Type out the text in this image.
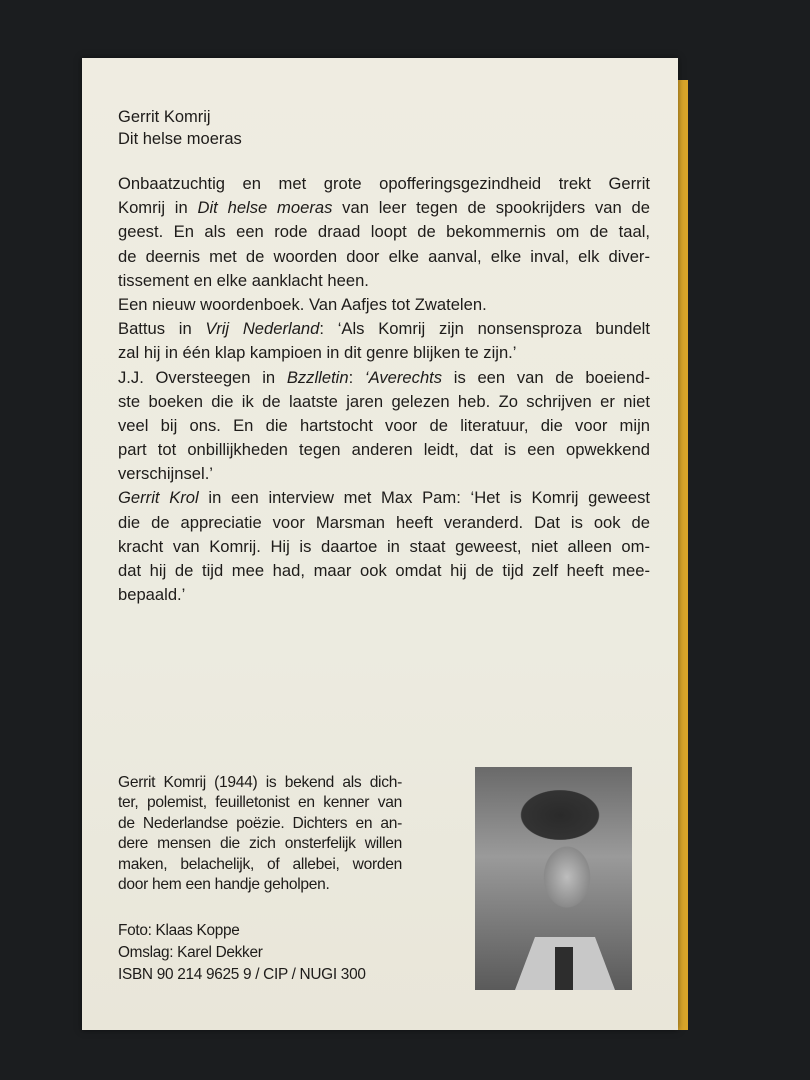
Gerrit Komrij
Dit helse moeras
Onbaatzuchtig en met grote opofferingsgezindheid trekt Gerrit
Komrij in Dit helse moeras van leer tegen de spookrijders van de
geest. En als een rode draad loopt de bekommernis om de taal,
de deernis met de woorden door elke aanval, elke inval, elk diver-
tissement en elke aanklacht heen.
Een nieuw woordenboek. Van Aafjes tot Zwatelen.
Battus in Vrij Nederland: ‘Als Komrij zijn nonsensproza bundelt
zal hij in één klap kampioen in dit genre blijken te zijn.’
J.J. Oversteegen in Bzzlletin: ‘Averechts is een van de boeiend-
ste boeken die ik de laatste jaren gelezen heb. Zo schrijven er niet
veel bij ons. En die hartstocht voor de literatuur, die voor mijn
part tot onbillijkheden tegen anderen leidt, dat is een opwekkend
verschijnsel.’
Gerrit Krol in een interview met Max Pam: ‘Het is Komrij geweest
die de appreciatie voor Marsman heeft veranderd. Dat is ook de
kracht van Komrij. Hij is daartoe in staat geweest, niet alleen om-
dat hij de tijd mee had, maar ook omdat hij de tijd zelf heeft mee-
bepaald.’
Gerrit Komrij (1944) is bekend als dich-
ter, polemist, feuilletonist en kenner van
de Nederlandse poëzie. Dichters en an-
dere mensen die zich onsterfelijk willen
maken, belachelijk, of allebei, worden
door hem een handje geholpen.
Foto: Klaas Koppe
Omslag: Karel Dekker
ISBN 90 214 9625 9 / CIP / NUGI 300
